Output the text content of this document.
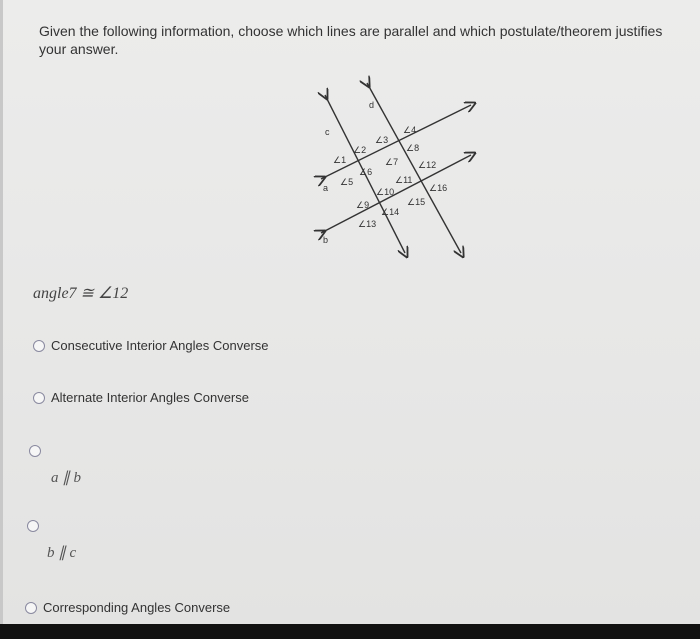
Given the following information, choose which lines are parallel and which postulate/theorem justifies your answer.
c
d
a
b
∠1
∠2
∠3
∠4
∠5
∠6
∠7
∠8
∠9
∠10
∠11
∠12
∠13
∠14
∠15
∠16
angle7 ≅ ∠12
Consecutive Interior Angles Converse
Alternate Interior Angles Converse
a ∥ b
b ∥ c
Corresponding Angles Converse
